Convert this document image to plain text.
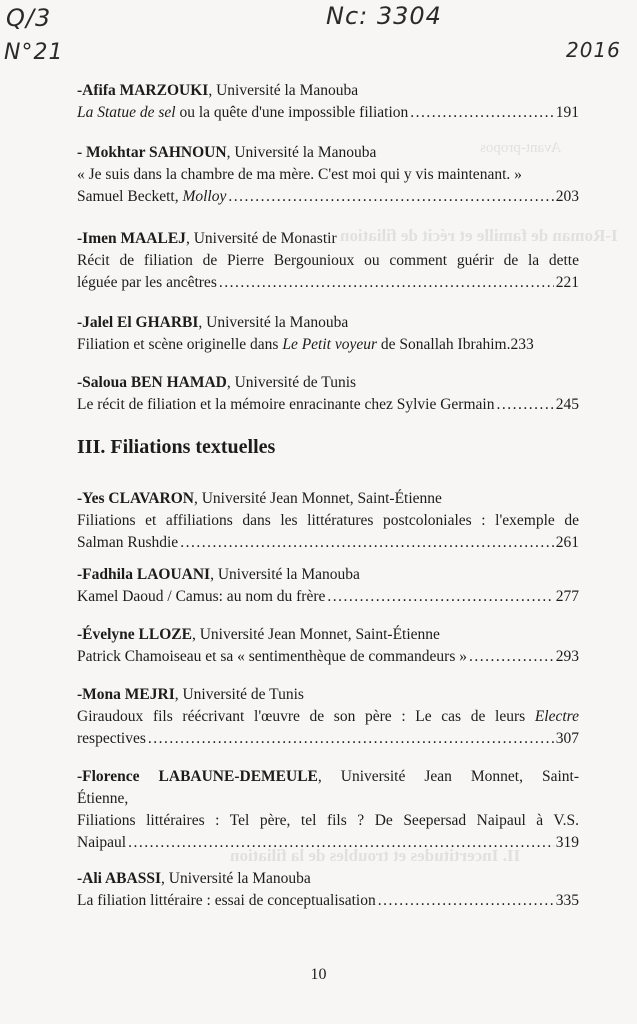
Q/3
N°21
Nc: 3304
2016
Avant-propos
I-Roman de famille et récit de filiation
II. Incertitudes et troubles de la filiation
-Afifa MARZOUKI, Université la Manouba
La Statue de sel ou la quête d'une impossible filiation .....	191
- Mokhtar SAHNOUN, Université la Manouba
« Je suis dans la chambre de ma mère. C'est moi qui y vis maintenant. »
Samuel Beckett, Molloy .....	203
-Imen MAALEJ, Université de Monastir
Récit de filiation de Pierre Bergounioux ou comment guérir de la dette
léguée par les ancêtres .....	221
-Jalel El GHARBI, Université la Manouba
Filiation et scène originelle dans Le Petit voyeur de Sonallah Ibrahim.233
-Saloua BEN HAMAD, Université de Tunis
Le récit de filiation et la mémoire enracinante chez Sylvie Germain .....	245
III. Filiations textuelles
-Yes CLAVARON, Université Jean Monnet, Saint-Étienne
Filiations et affiliations dans les littératures postcoloniales : l'exemple de
Salman Rushdie .....	261
-Fadhila LAOUANI, Université la Manouba
Kamel Daoud / Camus: au nom du frère .....	277
-Évelyne LLOZE, Université Jean Monnet, Saint-Étienne
Patrick Chamoiseau et sa « sentimenthèque de commandeurs » .....	293
-Mona MEJRI, Université de Tunis
Giraudoux fils réécrivant l'œuvre de son père : Le cas de leurs Electre
respectives .....	307
-Florence LABAUNE-DEMEULE, Université Jean Monnet, Saint-
Étienne,
Filiations littéraires : Tel père, tel fils ? De Seepersad Naipaul à V.S.
Naipaul .....	319
-Ali ABASSI, Université la Manouba
La filiation littéraire : essai de conceptualisation .....	335
10
